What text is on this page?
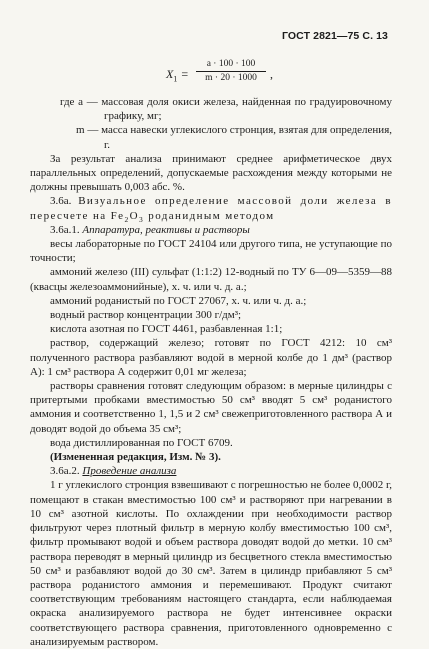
ГОСТ 2821—75 С. 13
$X_1$ =
a · 100 · 100
m · 20 · 1000	,

где a — массовая доля окиси железа, найденная по градуировочному графику, мг;

m — масса навески углекислого стронция, взятая для определения, г.

За результат анализа принимают среднее арифметическое двух параллельных определений, допускаемые расхождения между которыми не должны превышать 0,003 абс. %.

3.6а. Визуальное определение массовой доли железа в пересчете на $Fe_2O_3$ роданидным методом

3.6а.1. Аппаратура, реактивы и растворы

весы лабораторные по ГОСТ 24104 или другого типа, не уступающие по точности;

аммоний железо (III) сульфат (1:1:2) 12-водный по ТУ 6—09—5359—88 (квасцы железоаммонийные), х. ч. или ч. д. а.;

аммоний роданистый по ГОСТ 27067, х. ч. или ч. д. а.;

водный раствор концентрации 300 г/дм³;

кислота азотная по ГОСТ 4461, разбавленная 1:1;

раствор, содержащий железо; готовят по ГОСТ 4212: 10 см³ полученного раствора разбавляют водой в мерной колбе до 1 дм³ (раствор А): 1 см³ раствора А содержит 0,01 мг железа;

растворы сравнения готовят следующим образом: в мерные цилиндры с притертыми пробками вместимостью 50 см³ вводят 5 см³ роданистого аммония и соответственно 1, 1,5 и 2 см³ свежеприготовленного раствора А и доводят водой до объема 35 см³;

вода дистиллированная по ГОСТ 6709.

(Измененная редакция, Изм. № 3).

3.6а.2. Проведение анализа

1 г углекислого стронция взвешивают с погрешностью не более 0,0002 г, помещают в стакан вместимостью 100 см³ и растворяют при нагревании в 10 см³ азотной кислоты. По охлаждении при необходимости раствор фильтруют через плотный фильтр в мерную колбу вместимостью 100 см³, фильтр промывают водой и объем раствора доводят водой до метки. 10 см³ раствора переводят в мерный цилиндр из бесцветного стекла вместимостью 50 см³ и разбавляют водой до 30 см³. Затем в цилиндр прибавляют 5 см³ раствора роданистого аммония и перемешивают. Продукт считают соответствующим требованиям настоящего стандарта, если наблюдаемая окраска анализируемого раствора не будет интенсивнее окраски соответствующего раствора сравнения, приготовленного одновременно с анализируемым раствором.
